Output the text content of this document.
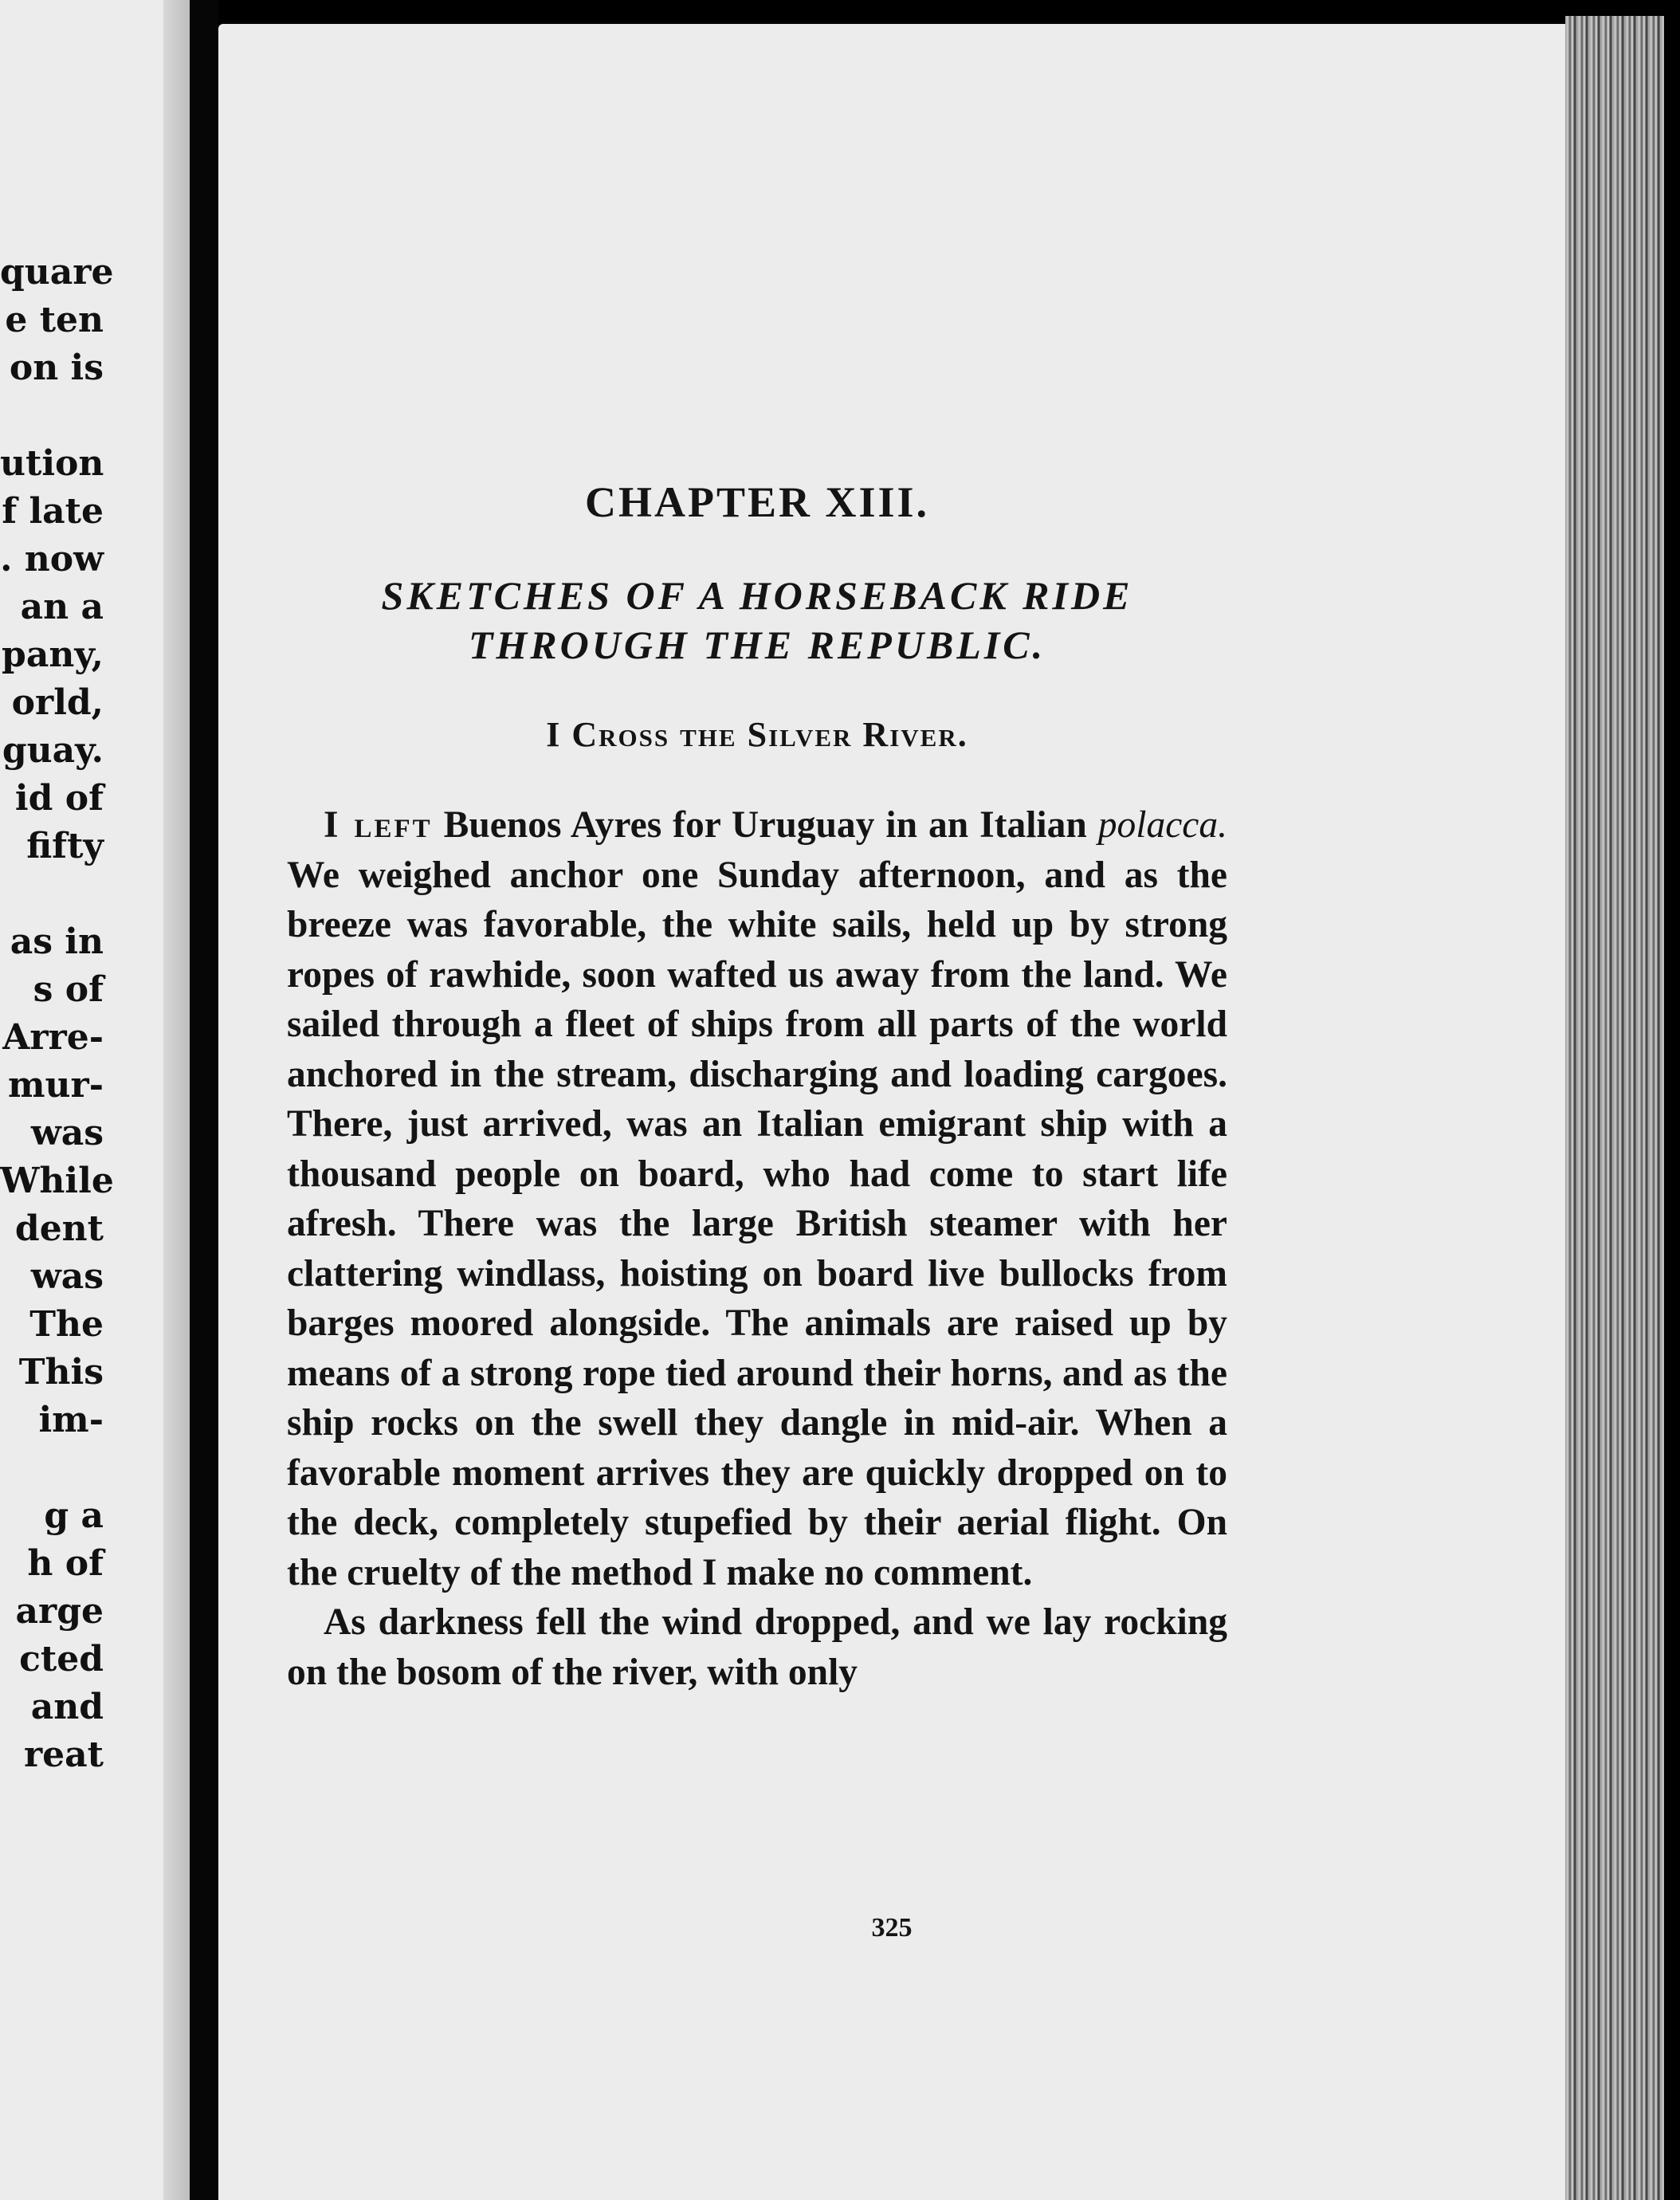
quare
e ten
on is
ution
f late
. now
an a
pany,
orld,
guay.
id of
fifty
as in
s of
Arre-
mur-
was
While
dent
was
The
This
im-
g a
h of
arge
cted
and
reat
CHAPTER XIII.
SKETCHES OF A HORSEBACK RIDE
THROUGH THE REPUBLIC.
I Cross the Silver River.

I left Buenos Ayres for Uruguay in an Italian polacca. We weighed anchor one Sunday afternoon, and as the breeze was favorable, the white sails, held up by strong ropes of rawhide, soon wafted us away from the land. We sailed through a fleet of ships from all parts of the world anchored in the stream, discharging and loading cargoes. There, just arrived, was an Italian emigrant ship with a thousand people on board, who had come to start life afresh. There was the large British steamer with her clattering windlass, hoisting on board live bullocks from barges moored alongside. The animals are raised up by means of a strong rope tied around their horns, and as the ship rocks on the swell they dangle in mid-air. When a favorable moment arrives they are quickly dropped on to the deck, completely stupefied by their aerial flight. On the cruelty of the method I make no comment.

As darkness fell the wind dropped, and we lay rocking on the bosom of the river, with only

325
